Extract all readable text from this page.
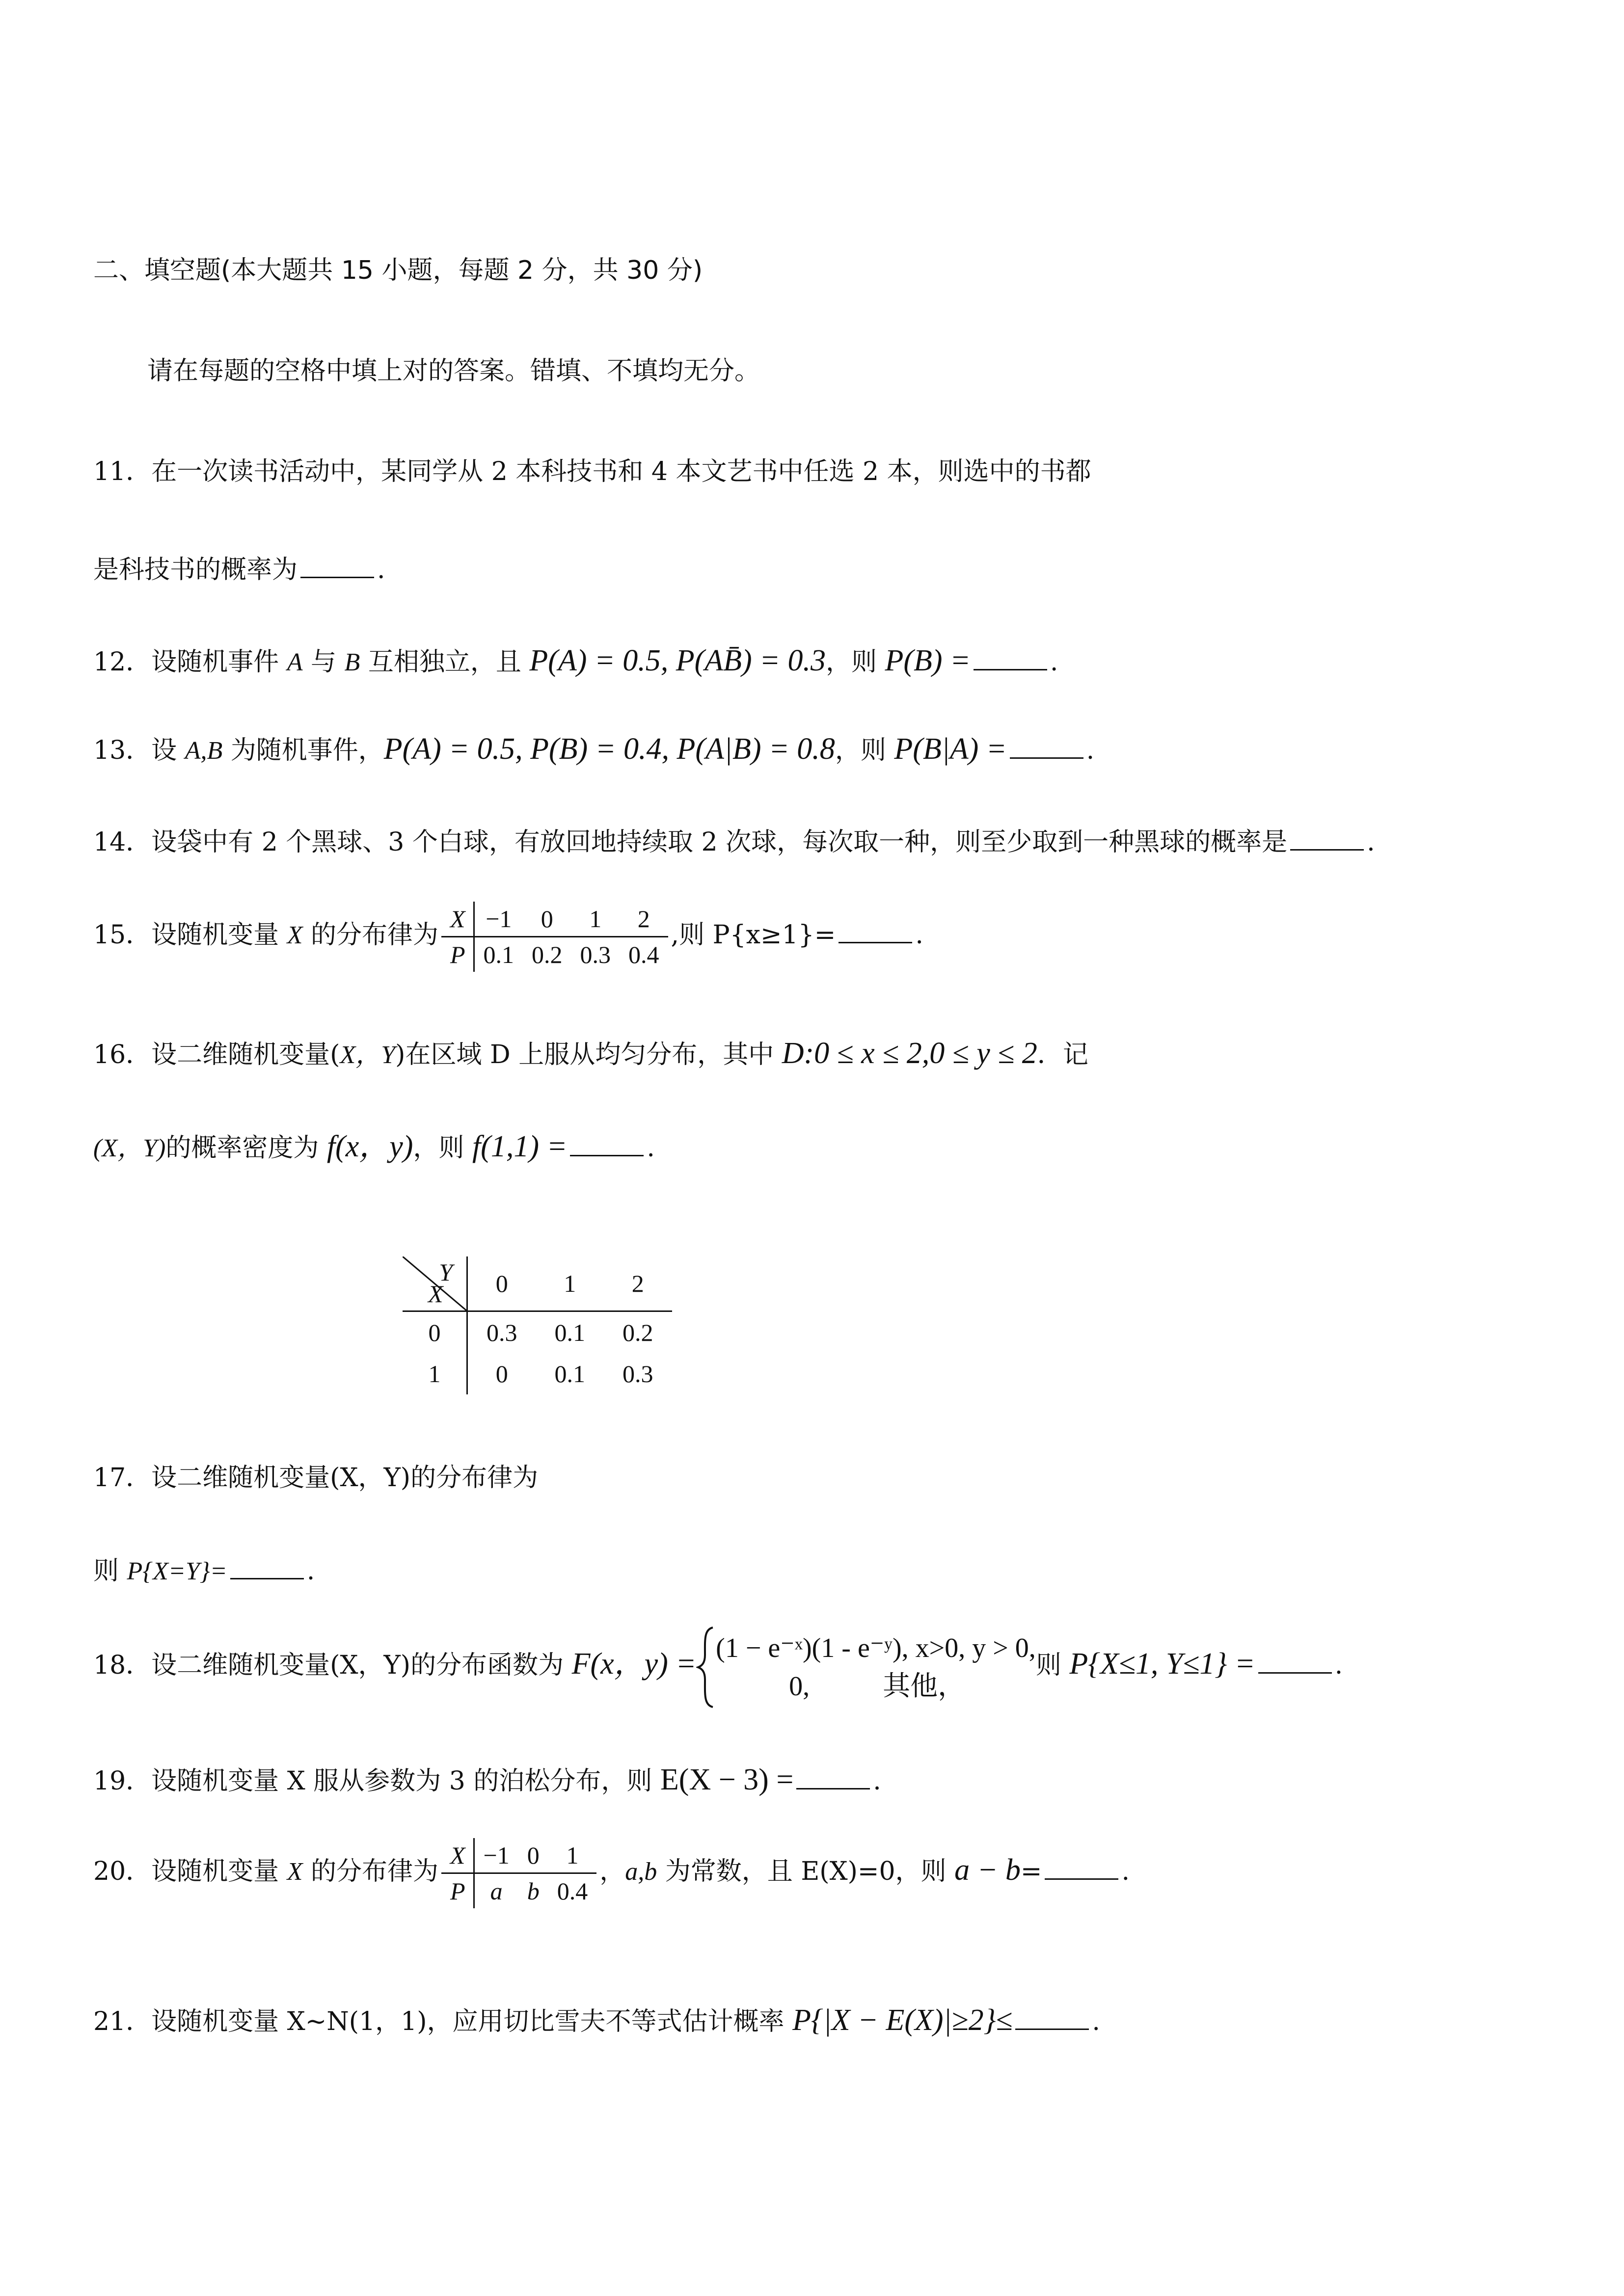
二、填空题(本大题共 15 小题，每题 2 分，共 30 分)
请在每题的空格中填上对的答案。错填、不填均无分。
11．在一次读书活动中，某同学从 2 本科技书和 4 本文艺书中任选 2 本，则选中的书都
是科技书的概率为	.
12．设随机事件 A 与 B 互相独立，且 P(A) = 0.5, P(AB̄) = 0.3，则 P(B) =	.
13．设 A,B 为随机事件，P(A) = 0.5, P(B) = 0.4, P(A|B) = 0.8，则 P(B|A) =	.
14．设袋中有 2 个黑球、3 个白球，有放回地持续取 2 次球，每次取一种，则至少取到一种黑球的概率是	.
15．设随机变量 X 的分布律为
X	−1	0	1	2
P	0.1	0.2	0.3	0.4
,则 P{x≥1}=	.
16．设二维随机变量(X，Y)在区域 D 上服从均匀分布，其中 D:0 ≤ x ≤ 2,0 ≤ y ≤ 2．记
(X，Y)的概率密度为 f(x，y)，则 f(1,1) =	.
Y
X	0	1	2
0	0.3	0.1	0.2
1	0	0.1	0.3
17．设二维随机变量(X，Y)的分布律为
则 P{X=Y}=	.
18．设二维随机变量(X，Y)的分布函数为 F(x，y) = (1 − e⁻ˣ)(1 - e⁻ʸ), x>0, y > 0,
0,	其他，
则 P{X≤1, Y≤1} =	.
19．设随机变量 X 服从参数为 3 的泊松分布，则 E(X − 3) =	.
20．设随机变量 X 的分布律为
X	−1	0	1
P	a	b	0.4
，a,b 为常数，且 E(X)=0，则 a − b=	.
21．设随机变量 X~N(1，1)，应用切比雪夫不等式估计概率 P{|X − E(X)|≥2}≤	.
